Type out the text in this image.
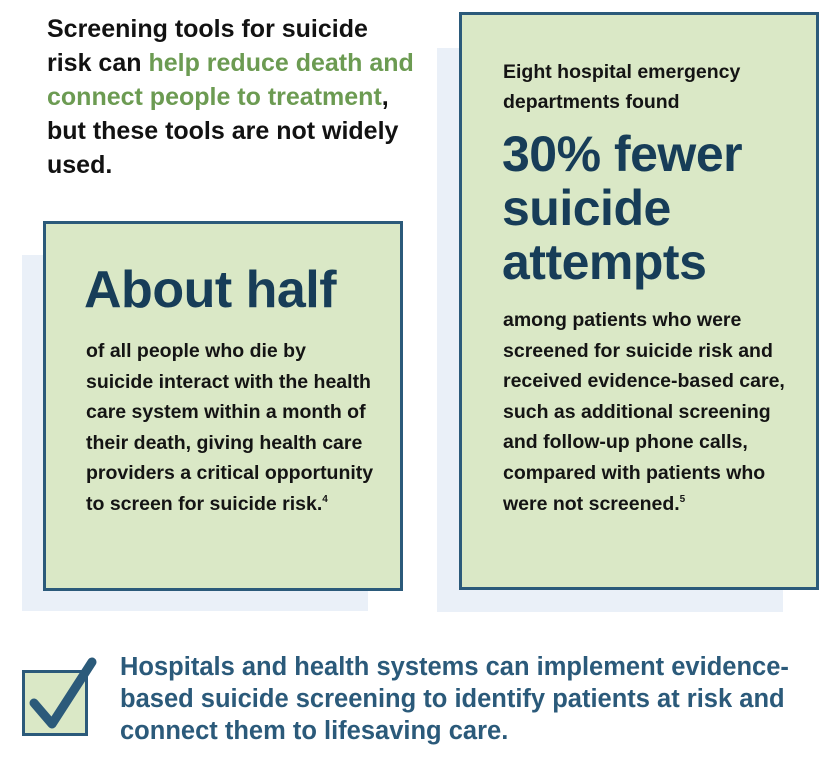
Screening tools for suicide risk can help reduce death and connect people to treatment, but these tools are not widely used.

About half

of all people who die by suicide interact with the health care system within a month of their death, giving health care providers a critical opportunity to screen for suicide risk.$^4$

Eight hospital emergency departments found

30% fewer suicide attempts

among patients who were screened for suicide risk and received evidence-based care, such as additional screening and follow-up phone calls, compared with patients who were not screened.$^5$

Hospitals and health systems can implement evidence-based suicide screening to identify patients at risk and connect them to lifesaving care.
